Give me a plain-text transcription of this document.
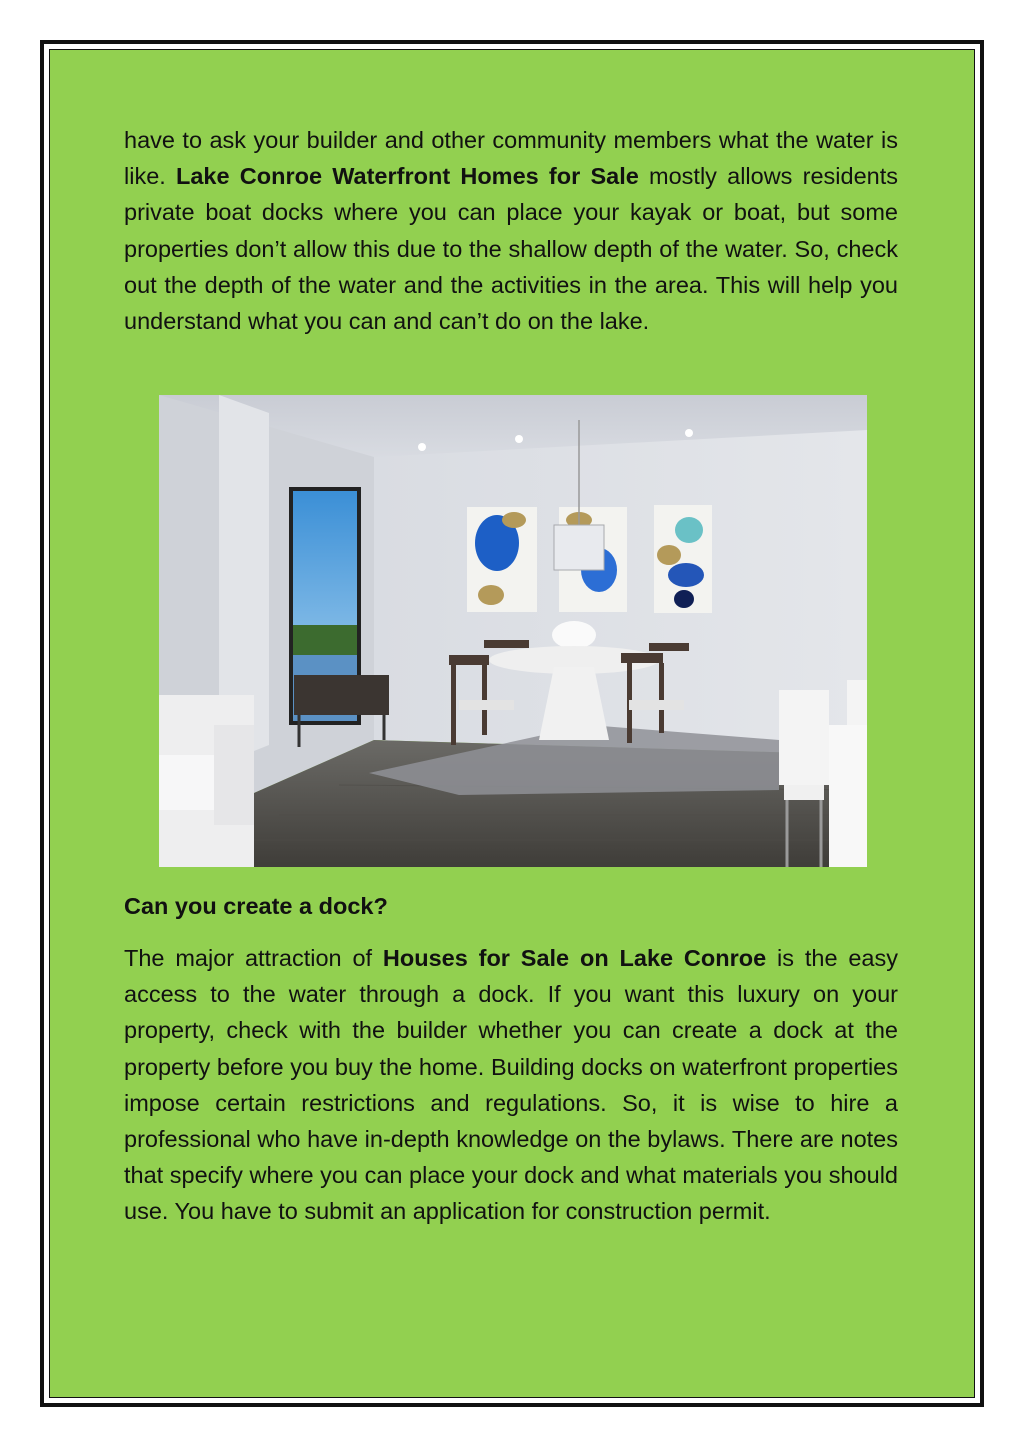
have to ask your builder and other community members what the water is like. Lake Conroe Waterfront Homes for Sale mostly allows residents private boat docks where you can place your kayak or boat, but some properties don’t allow this due to the shallow depth of the water. So, check out the depth of the water and the activities in the area. This will help you understand what you can and can’t do on the lake.

Can you create a dock?

The major attraction of Houses for Sale on Lake Conroe is the easy access to the water through a dock. If you want this luxury on your property, check with the builder whether you can create a dock at the property before you buy the home. Building docks on waterfront properties impose certain restrictions and regulations. So, it is wise to hire a professional who have in-depth knowledge on the bylaws. There are notes that specify where you can place your dock and what materials you should use. You have to submit an application for construction permit.
